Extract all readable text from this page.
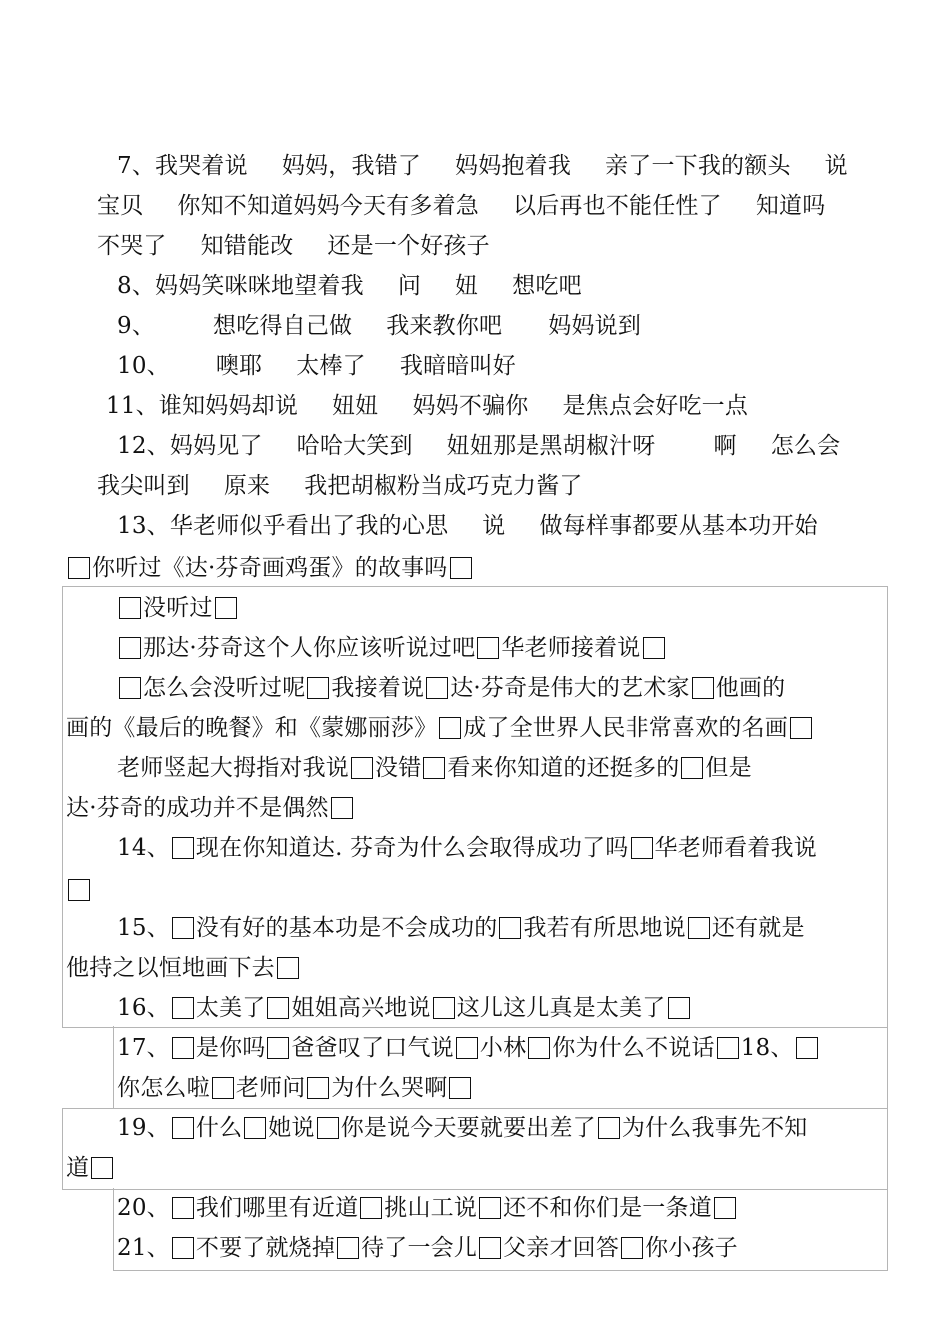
7、我哭着说 妈妈，我错了 妈妈抱着我 亲了一下我的额头 说
宝贝 你知不知道妈妈今天有多着急 以后再也不能任性了 知道吗
不哭了 知错能改 还是一个好孩子
8、妈妈笑咪咪地望着我 问 妞 想吃吧
9、	想吃得自己做 我来教你吧 妈妈说到
10、 噢耶 太棒了 我暗暗叫好
11、谁知妈妈却说 妞妞 妈妈不骗你 是焦点会好吃一点
12、妈妈见了 哈哈大笑到 妞妞那是黑胡椒汁呀	啊 怎么会
我尖叫到 原来 我把胡椒粉当成巧克力酱了
13、华老师似乎看出了我的心思 说 做每样事都要从基本功开始
你听过《达·芬奇画鸡蛋》的故事吗
没听过
那达·芬奇这个人你应该听说过吧 华老师接着说
怎么会没听过呢 我接着说 达·芬奇是伟大的艺术家 他画的
画的《最后的晚餐》和《蒙娜丽莎》 成了全世界人民非常喜欢的名画
老师竖起大拇指对我说 没错 看来你知道的还挺多的 但是
达·芬奇的成功并不是偶然
14、 现在你知道达. 芬奇为什么会取得成功了吗 华老师看着我说
15、 没有好的基本功是不会成功的 我若有所思地说 还有就是
他持之以恒地画下去
16、 太美了 姐姐高兴地说 这儿这儿真是太美了
17、 是你吗 爸爸叹了口气说 小林 你为什么不说话 18、
你怎么啦 老师问 为什么哭啊
19、 什么 她说 你是说今天要就要出差了 为什么我事先不知
道
20、 我们哪里有近道 挑山工说 还不和你们是一条道
21、 不要了就烧掉 待了一会儿 父亲才回答 你小孩子
